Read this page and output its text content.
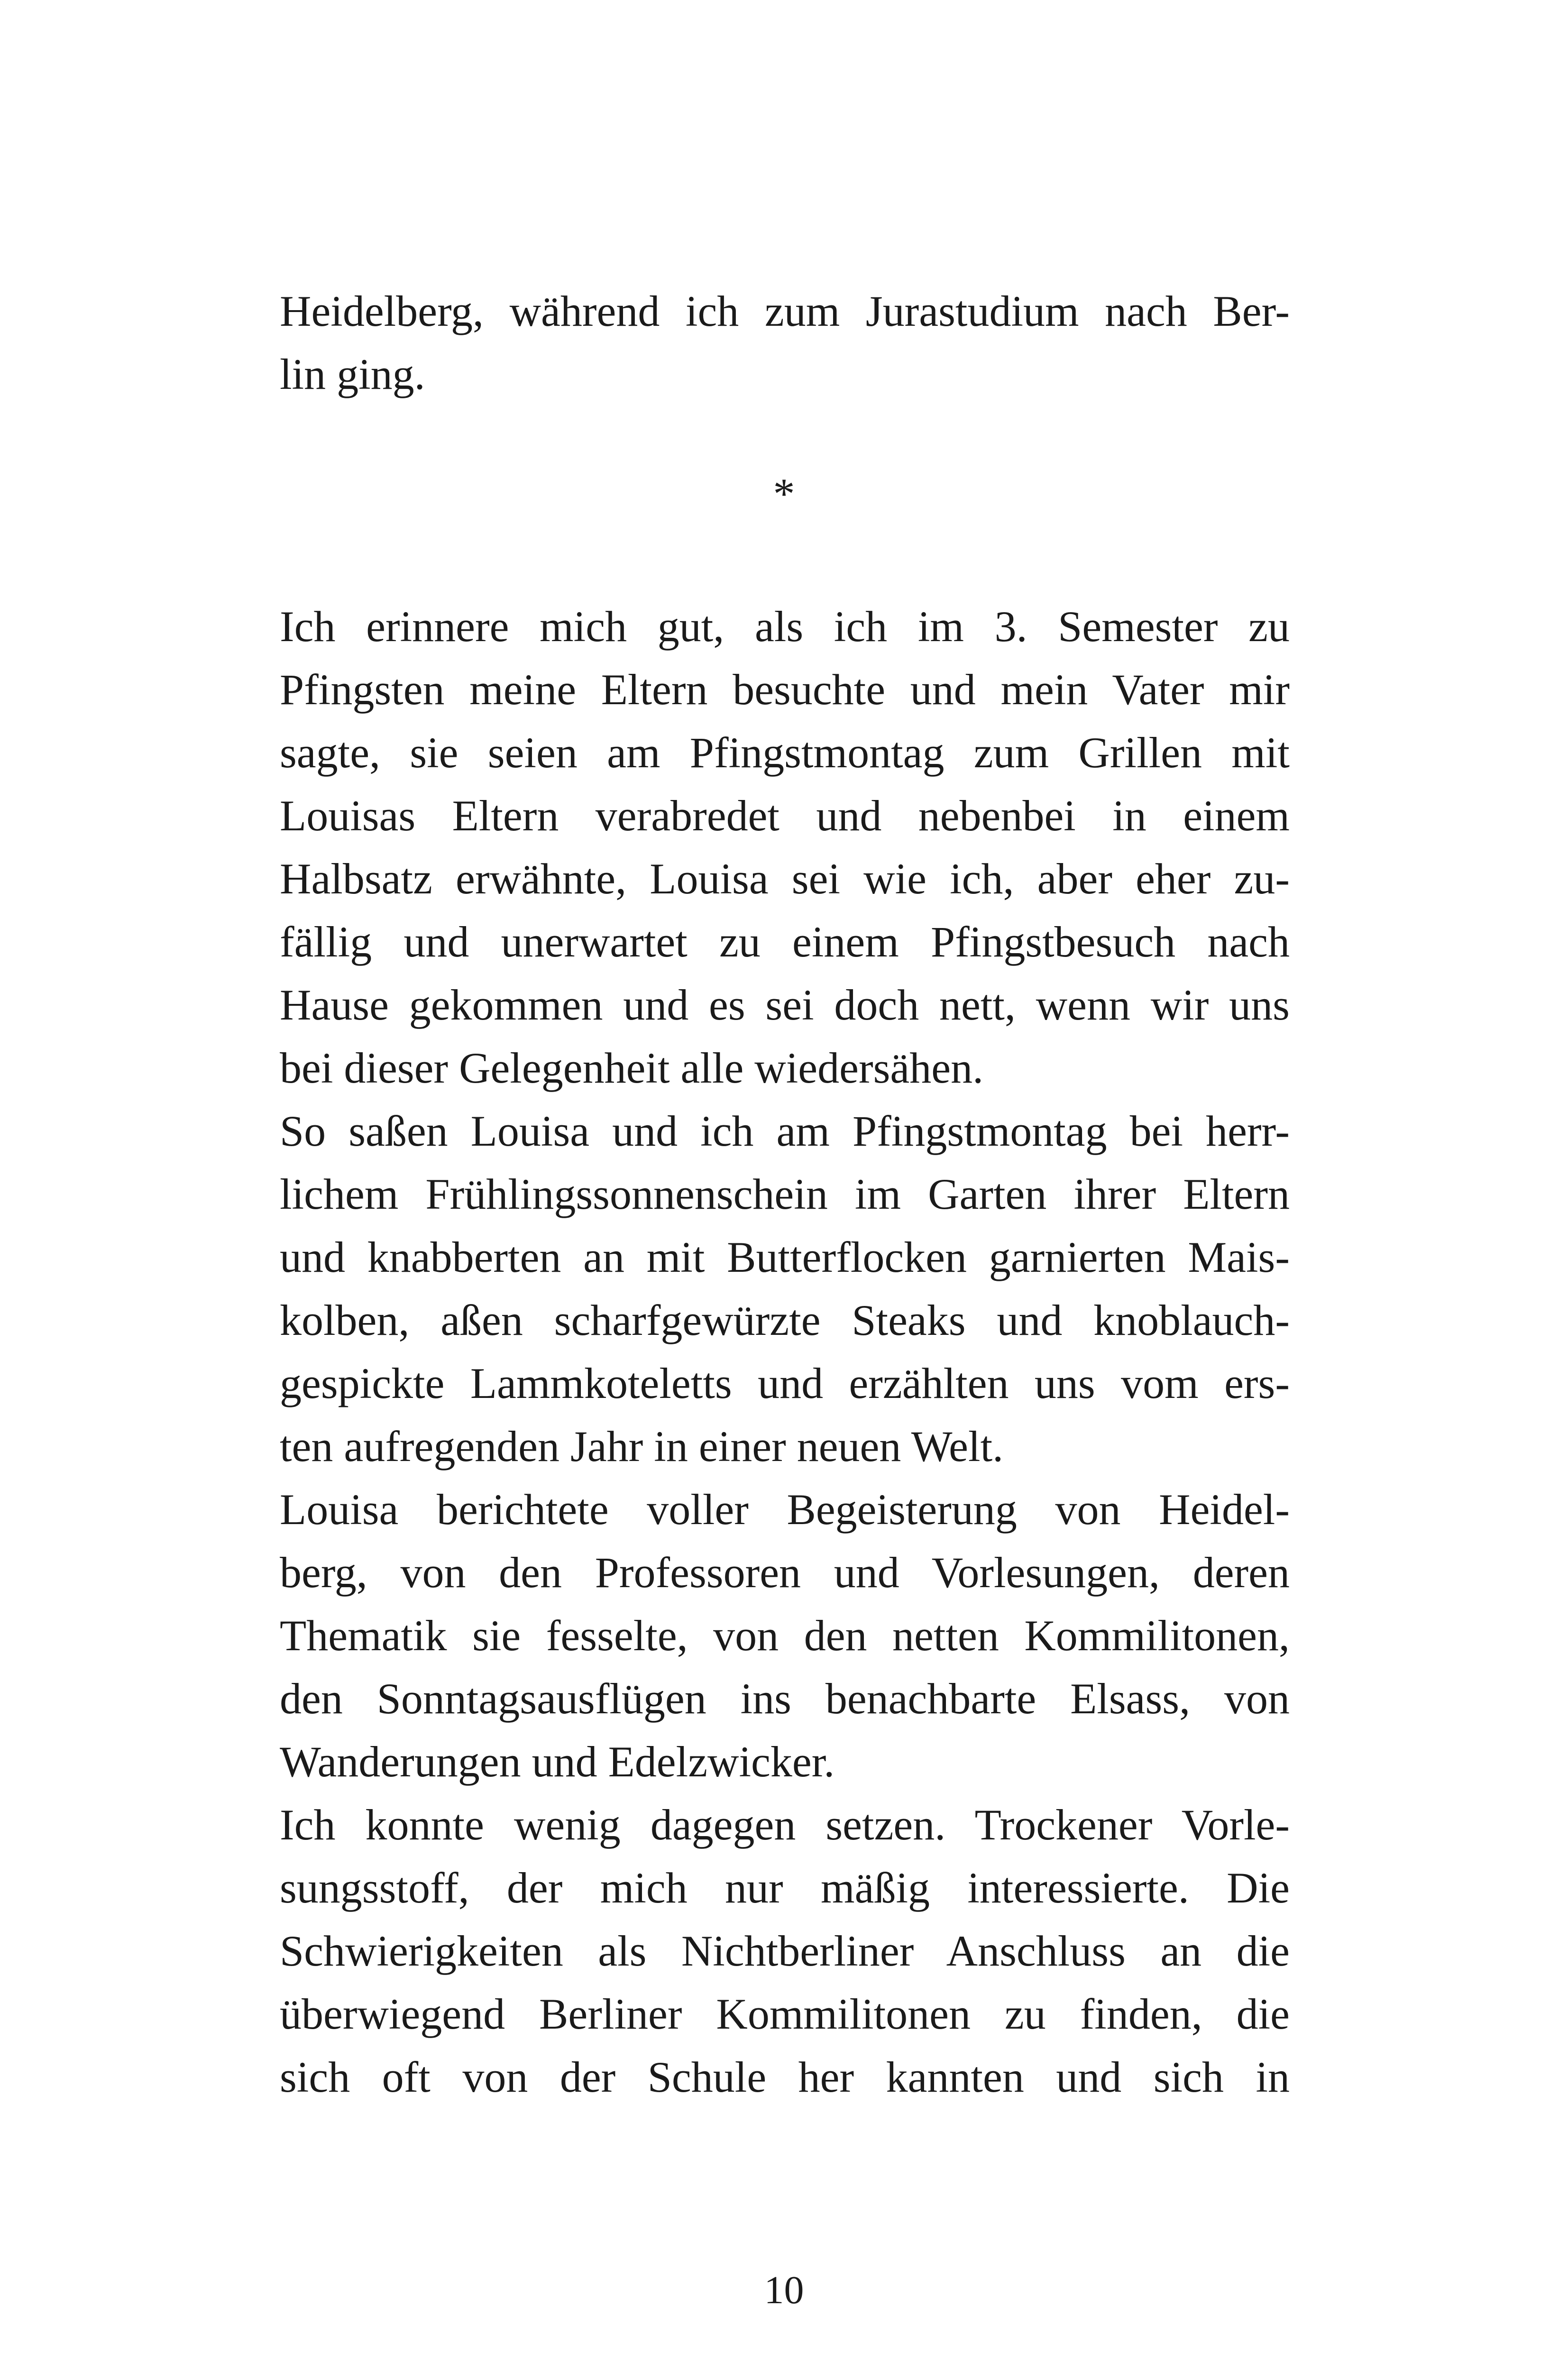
Heidelberg, während ich zum Jurastudium nach Ber-
lin ging.
*
Ich erinnere mich gut, als ich im 3. Semester zu
Pfingsten meine Eltern besuchte und mein Vater mir
sagte, sie seien am Pfingstmontag zum Grillen mit
Louisas Eltern verabredet und nebenbei in einem
Halbsatz erwähnte, Louisa sei wie ich, aber eher zu-
fällig und unerwartet zu einem Pfingstbesuch nach
Hause gekommen und es sei doch nett, wenn wir uns
bei dieser Gelegenheit alle wiedersähen.
So saßen Louisa und ich am Pfingstmontag bei herr-
lichem Frühlingssonnenschein im Garten ihrer Eltern
und knabberten an mit Butterflocken garnierten Mais-
kolben, aßen scharfgewürzte Steaks und knoblauch-
gespickte Lammkoteletts und erzählten uns vom ers-
ten aufregenden Jahr in einer neuen Welt.
Louisa berichtete voller Begeisterung von Heidel-
berg, von den Professoren und Vorlesungen, deren
Thematik sie fesselte, von den netten Kommilitonen,
den Sonntagsausflügen ins benachbarte Elsass, von
Wanderungen und Edelzwicker.
Ich konnte wenig dagegen setzen. Trockener Vorle-
sungsstoff, der mich nur mäßig interessierte. Die
Schwierigkeiten als Nichtberliner Anschluss an die
überwiegend Berliner Kommilitonen zu finden, die
sich oft von der Schule her kannten und sich in
10
